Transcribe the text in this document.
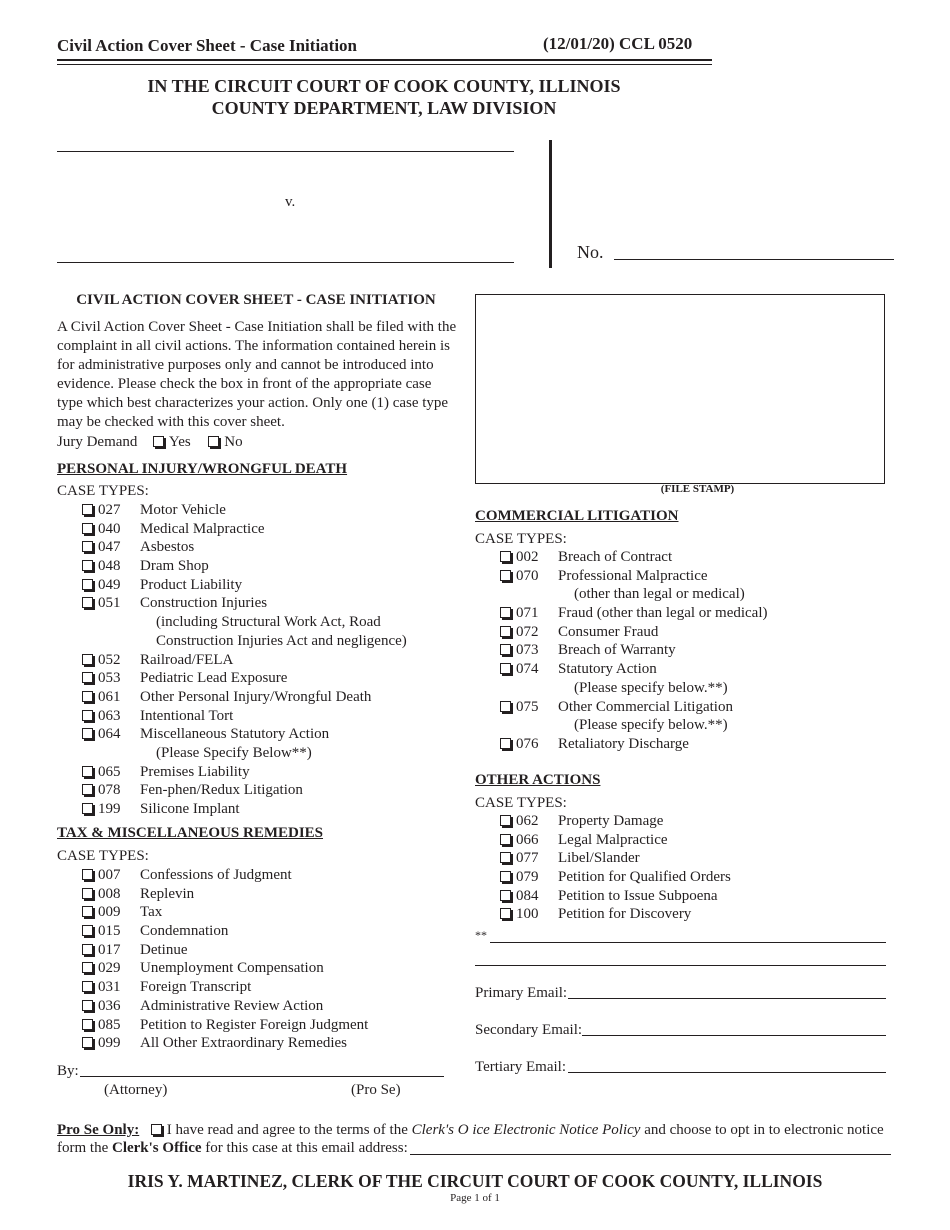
Civil Action Cover Sheet - Case Initiation	(12/01/20) CCL 0520
IN THE CIRCUIT COURT OF COOK COUNTY, ILLINOIS
COUNTY DEPARTMENT, LAW DIVISION
v.
No.
CIVIL ACTION COVER SHEET - CASE INITIATION
A Civil Action Cover Sheet - Case Initiation shall be filed with the complaint in all civil actions. The information contained herein is for administrative purposes only and cannot be introduced into evidence. Please check the box in front of the appropriate case type which best characterizes your action. Only one (1) case type may be checked with this cover sheet.
Jury Demand Yes No
(FILE STAMP)
PERSONAL INJURY/WRONGFUL DEATH
CASE TYPES:
027 Motor Vehicle
040 Medical Malpractice
047 Asbestos
048 Dram Shop
049 Product Liability
051 Construction Injuries
(including Structural Work Act, Road
Construction Injuries Act and negligence)
052 Railroad/FELA
053 Pediatric Lead Exposure
061 Other Personal Injury/Wrongful Death
063 Intentional Tort
064 Miscellaneous Statutory Action
(Please Specify Below**)
065 Premises Liability
078 Fen-phen/Redux Litigation
199 Silicone Implant
TAX & MISCELLANEOUS REMEDIES
CASE TYPES:
007 Confessions of Judgment
008 Replevin
009 Tax
015 Condemnation
017 Detinue
029 Unemployment Compensation
031 Foreign Transcript
036 Administrative Review Action
085 Petition to Register Foreign Judgment
099 All Other Extraordinary Remedies
By:
(Attorney)	(Pro Se)
COMMERCIAL LITIGATION
CASE TYPES:
002 Breach of Contract
070 Professional Malpractice
(other than legal or medical)
071 Fraud (other than legal or medical)
072 Consumer Fraud
073 Breach of Warranty
074 Statutory Action
(Please specify below.**)
075 Other Commercial Litigation
(Please specify below.**)
076 Retaliatory Discharge
OTHER ACTIONS
CASE TYPES:
062 Property Damage
066 Legal Malpractice
077 Libel/Slander
079 Petition for Qualified Orders
084 Petition to Issue Subpoena
100 Petition for Discovery
**
Primary Email:
Secondary Email:
Tertiary Email:
Pro Se Only: I have read and agree to the terms of the Clerk's O ice Electronic Notice Policy and choose to opt in to electronic notice
form the Clerk's Office for this case at this email address:
IRIS Y. MARTINEZ, CLERK OF THE CIRCUIT COURT OF COOK COUNTY, ILLINOIS
Page 1 of 1
